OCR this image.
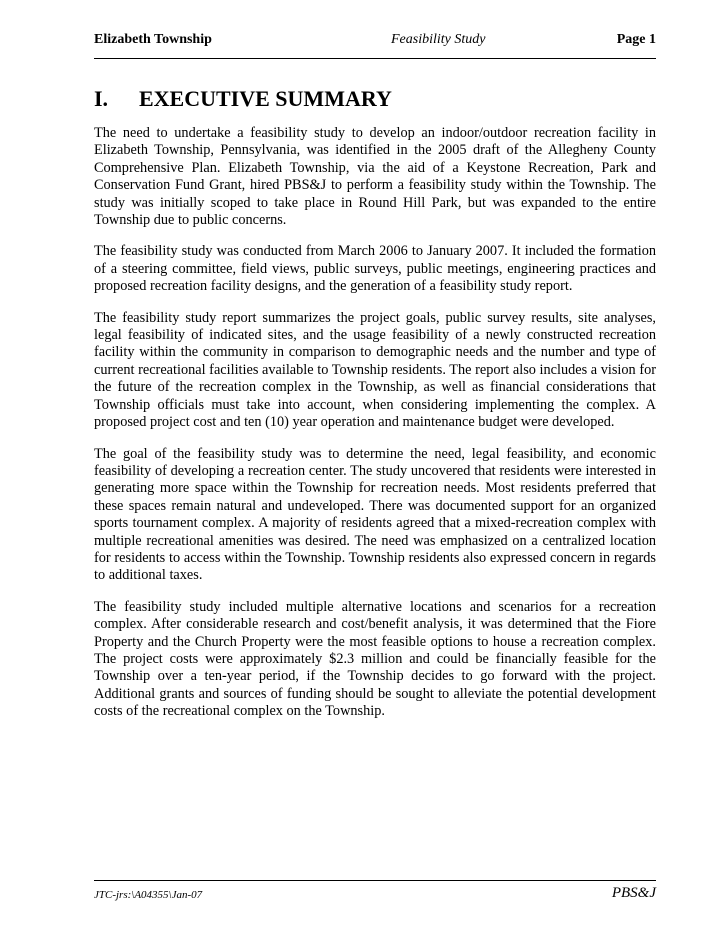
Elizabeth Township	Feasibility Study	Page 1
I. EXECUTIVE SUMMARY

The need to undertake a feasibility study to develop an indoor/outdoor recreation facility in Elizabeth Township, Pennsylvania, was identified in the 2005 draft of the Allegheny County Comprehensive Plan. Elizabeth Township, via the aid of a Keystone Recreation, Park and Conservation Fund Grant, hired PBS&J to perform a feasibility study within the Township. The study was initially scoped to take place in Round Hill Park, but was expanded to the entire Township due to public concerns.

The feasibility study was conducted from March 2006 to January 2007. It included the formation of a steering committee, field views, public surveys, public meetings, engineering practices and proposed recreation facility designs, and the generation of a feasibility study report.

The feasibility study report summarizes the project goals, public survey results, site analyses, legal feasibility of indicated sites, and the usage feasibility of a newly constructed recreation facility within the community in comparison to demographic needs and the number and type of current recreational facilities available to Township residents. The report also includes a vision for the future of the recreation complex in the Township, as well as financial considerations that Township officials must take into account, when considering implementing the complex. A proposed project cost and ten (10) year operation and maintenance budget were developed.

The goal of the feasibility study was to determine the need, legal feasibility, and economic feasibility of developing a recreation center. The study uncovered that residents were interested in generating more space within the Township for recreation needs. Most residents preferred that these spaces remain natural and undeveloped. There was documented support for an organized sports tournament complex. A majority of residents agreed that a mixed-recreation complex with multiple recreational amenities was desired. The need was emphasized on a centralized location for residents to access within the Township. Township residents also expressed concern in regards to additional taxes.

The feasibility study included multiple alternative locations and scenarios for a recreation complex. After considerable research and cost/benefit analysis, it was determined that the Fiore Property and the Church Property were the most feasible options to house a recreation complex. The project costs were approximately $2.3 million and could be financially feasible for the Township over a ten-year period, if the Township decides to go forward with the project. Additional grants and sources of funding should be sought to alleviate the potential development costs of the recreational complex on the Township.

JTC-jrs:\A04355\Jan-07	PBS&J
